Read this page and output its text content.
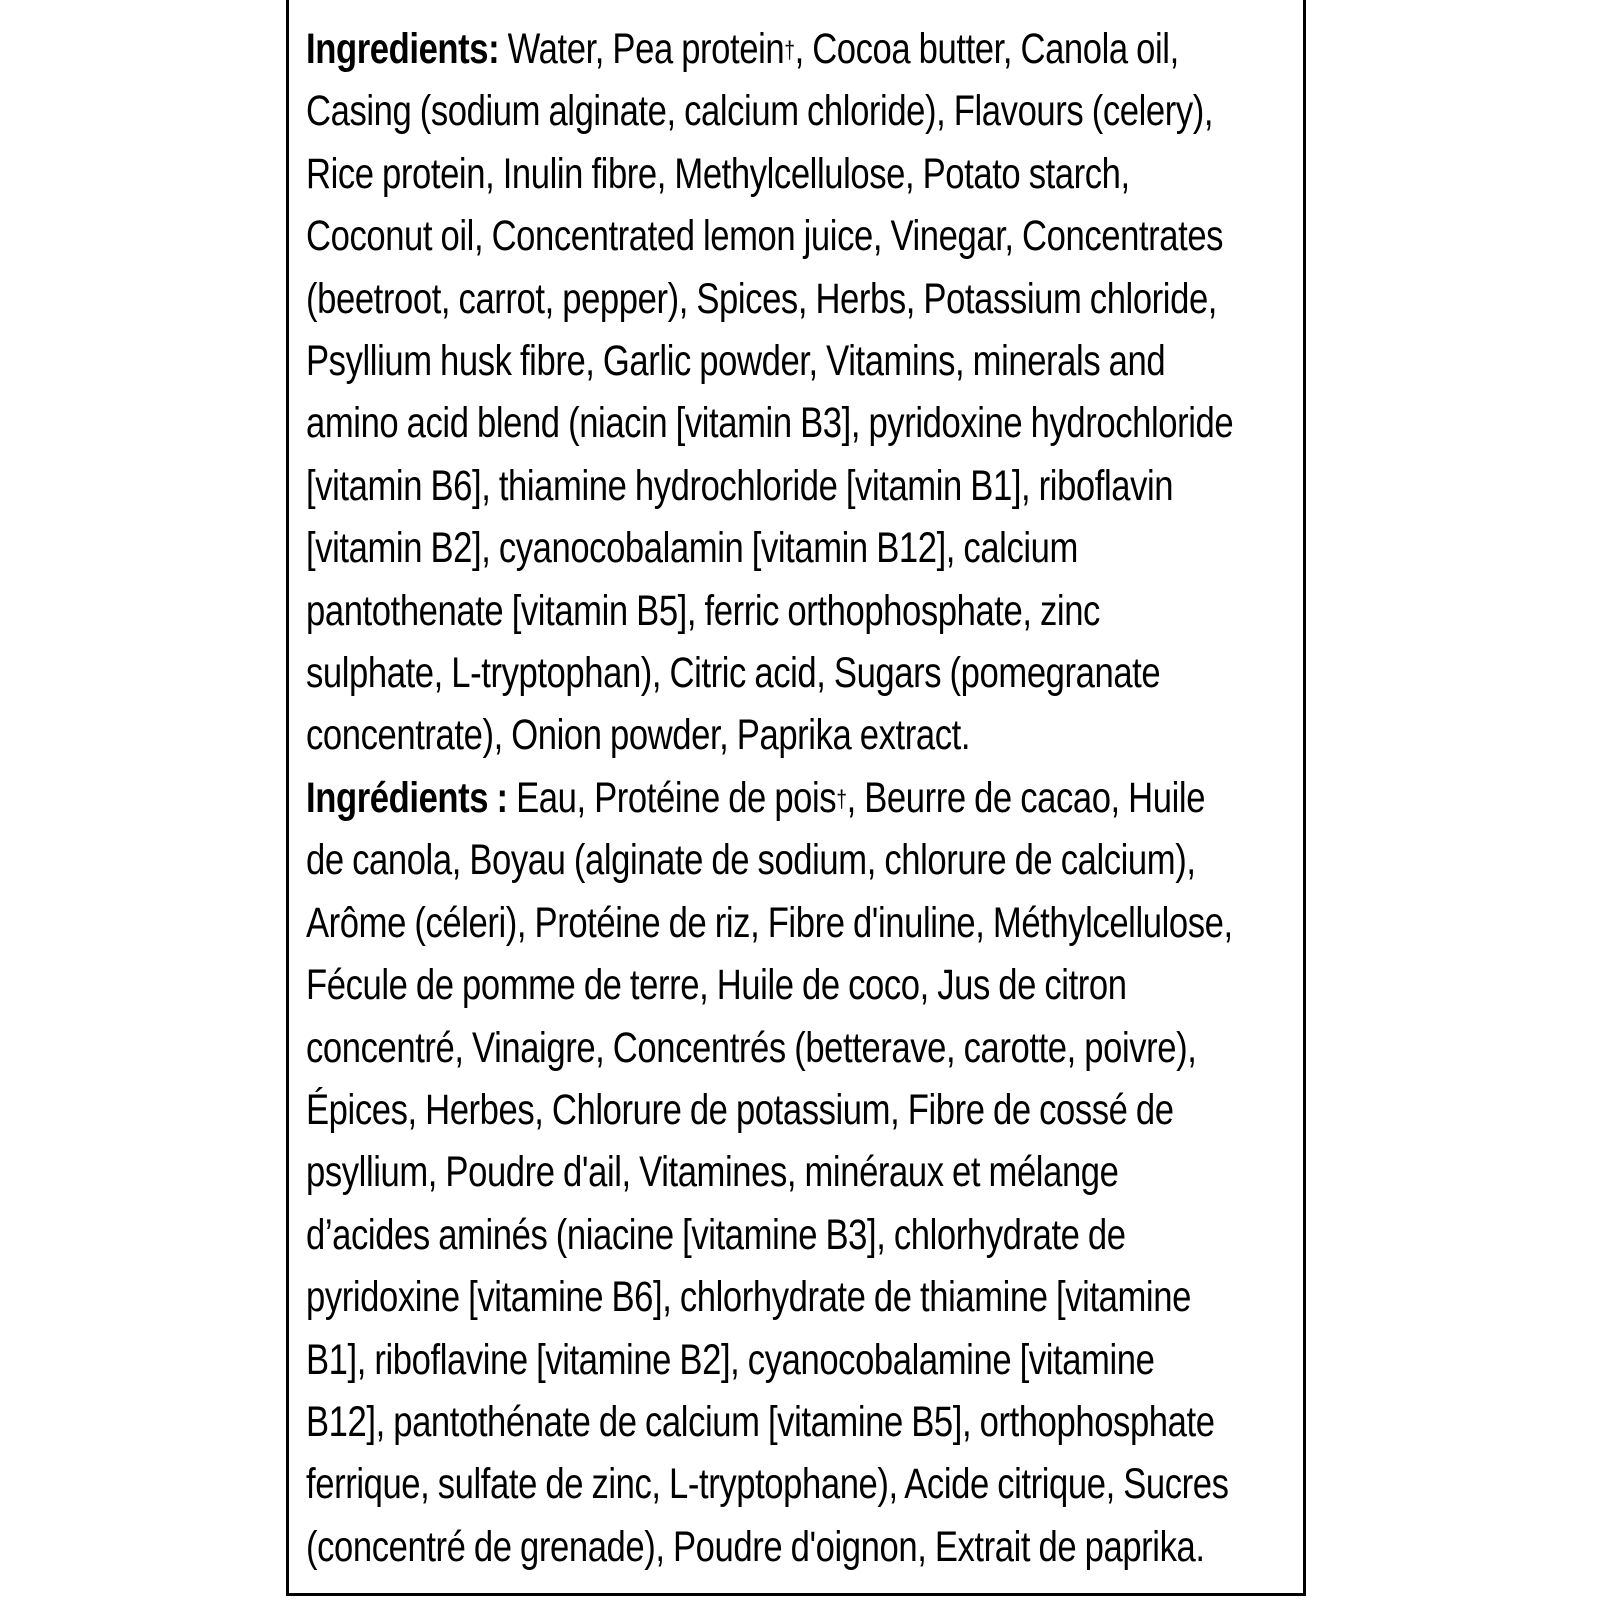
Ingredients: Water, Pea protein†, Cocoa butter, Canola oil,
Casing (sodium alginate, calcium chloride), Flavours (celery),
Rice protein, Inulin fibre, Methylcellulose, Potato starch,
Coconut oil, Concentrated lemon juice, Vinegar, Concentrates
(beetroot, carrot, pepper), Spices, Herbs, Potassium chloride,
Psyllium husk fibre, Garlic powder, Vitamins, minerals and
amino acid blend (niacin [vitamin B3], pyridoxine hydrochloride
[vitamin B6], thiamine hydrochloride [vitamin B1], riboflavin
[vitamin B2], cyanocobalamin [vitamin B12], calcium
pantothenate [vitamin B5], ferric orthophosphate, zinc
sulphate, L-tryptophan), Citric acid, Sugars (pomegranate
concentrate), Onion powder, Paprika extract.
Ingrédients : Eau, Protéine de pois†, Beurre de cacao, Huile
de canola, Boyau (alginate de sodium, chlorure de calcium),
Arôme (céleri), Protéine de riz, Fibre d'inuline, Méthylcellulose,
Fécule de pomme de terre, Huile de coco, Jus de citron
concentré, Vinaigre, Concentrés (betterave, carotte, poivre),
Épices, Herbes, Chlorure de potassium, Fibre de cossé de
psyllium, Poudre d'ail, Vitamines, minéraux et mélange
d’acides aminés (niacine [vitamine B3], chlorhydrate de
pyridoxine [vitamine B6], chlorhydrate de thiamine [vitamine
B1], riboflavine [vitamine B2], cyanocobalamine [vitamine
B12], pantothénate de calcium [vitamine B5], orthophosphate
ferrique, sulfate de zinc, L-tryptophane), Acide citrique, Sucres
(concentré de grenade), Poudre d'oignon, Extrait de paprika.
